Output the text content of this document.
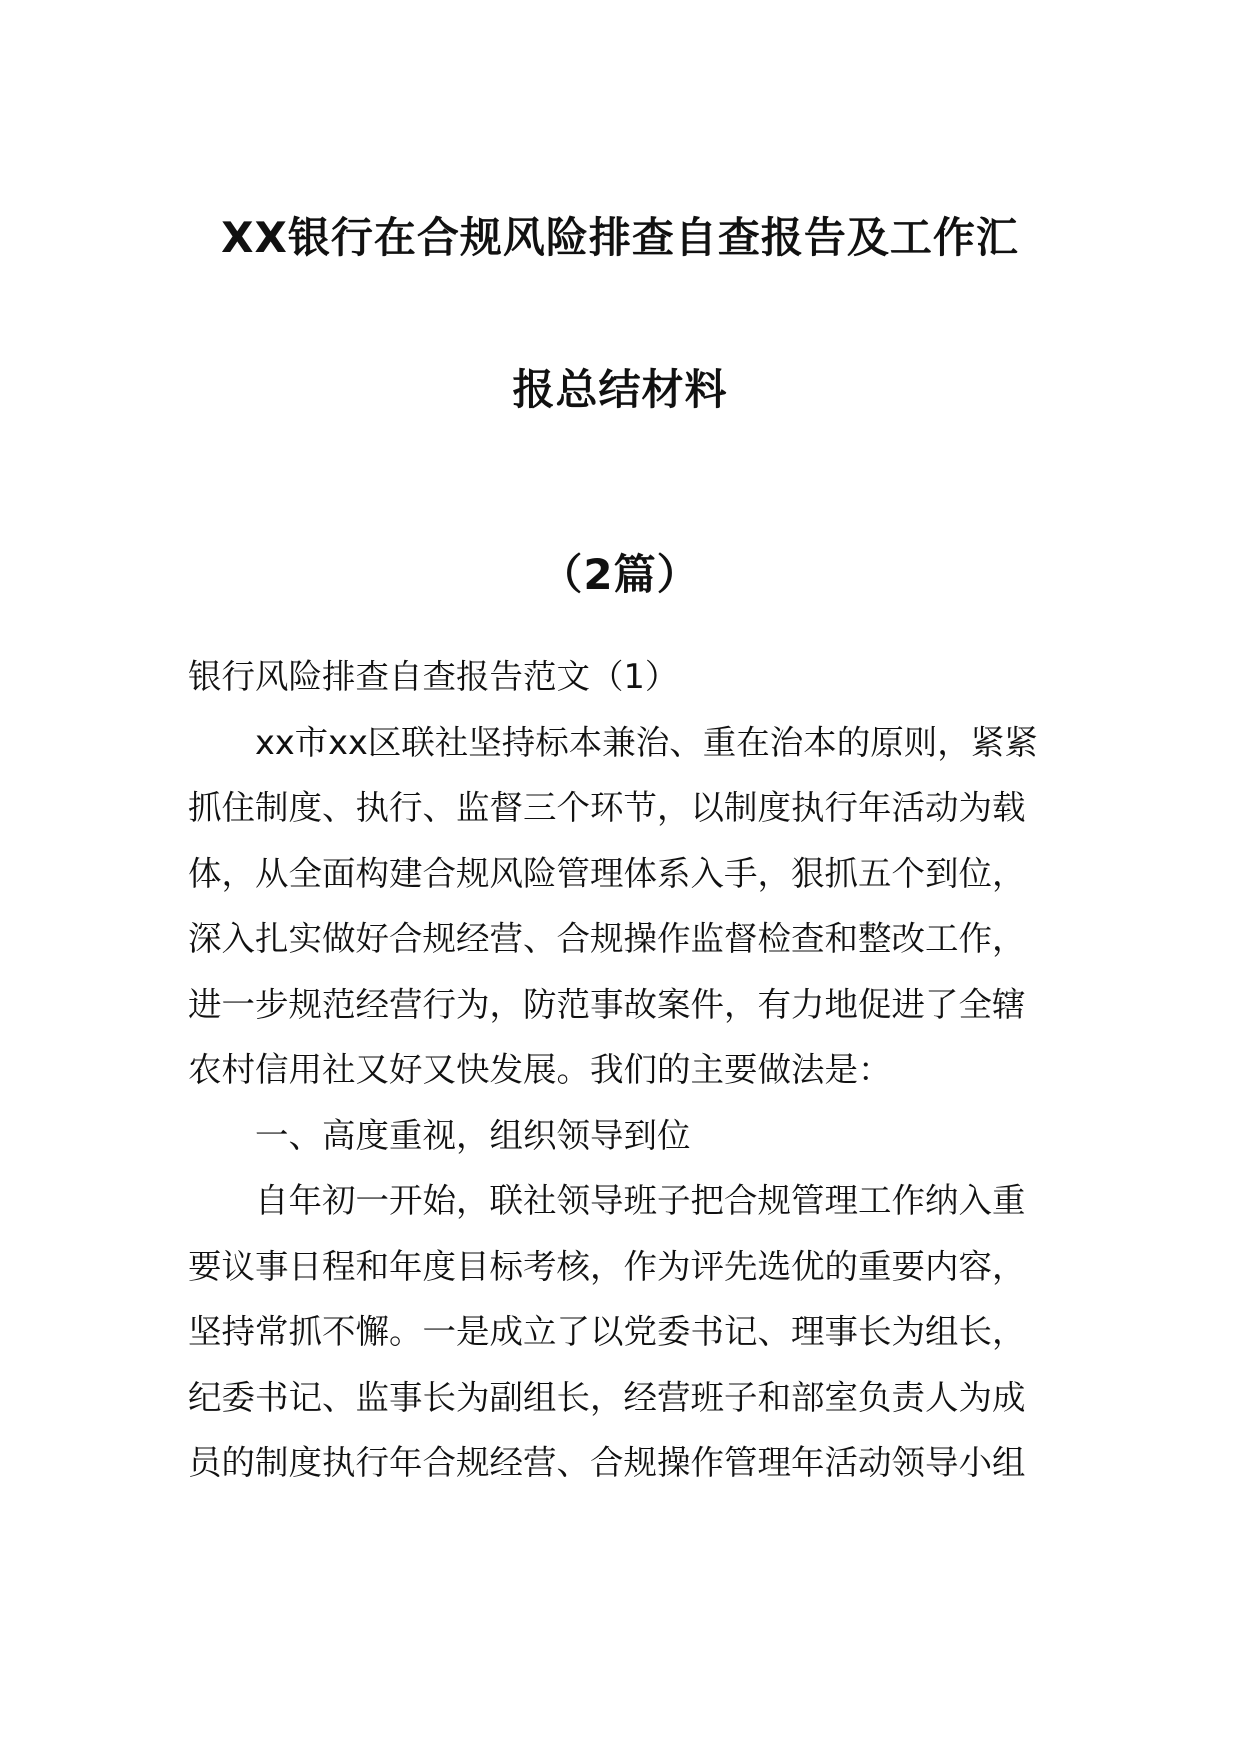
XX银行在合规风险排查自查报告及工作汇
报总结材料
（2篇）
银行风险排查自查报告范文（1）
xx市xx区联社坚持标本兼治、重在治本的原则，紧紧
抓住制度、执行、监督三个环节，以制度执行年活动为载
体，从全面构建合规风险管理体系入手，狠抓五个到位，
深入扎实做好合规经营、合规操作监督检查和整改工作，
进一步规范经营行为，防范事故案件，有力地促进了全辖
农村信用社又好又快发展。我们的主要做法是：
一、高度重视，组织领导到位
自年初一开始，联社领导班子把合规管理工作纳入重
要议事日程和年度目标考核，作为评先选优的重要内容，
坚持常抓不懈。一是成立了以党委书记、理事长为组长，
纪委书记、监事长为副组长，经营班子和部室负责人为成
员的制度执行年合规经营、合规操作管理年活动领导小组
